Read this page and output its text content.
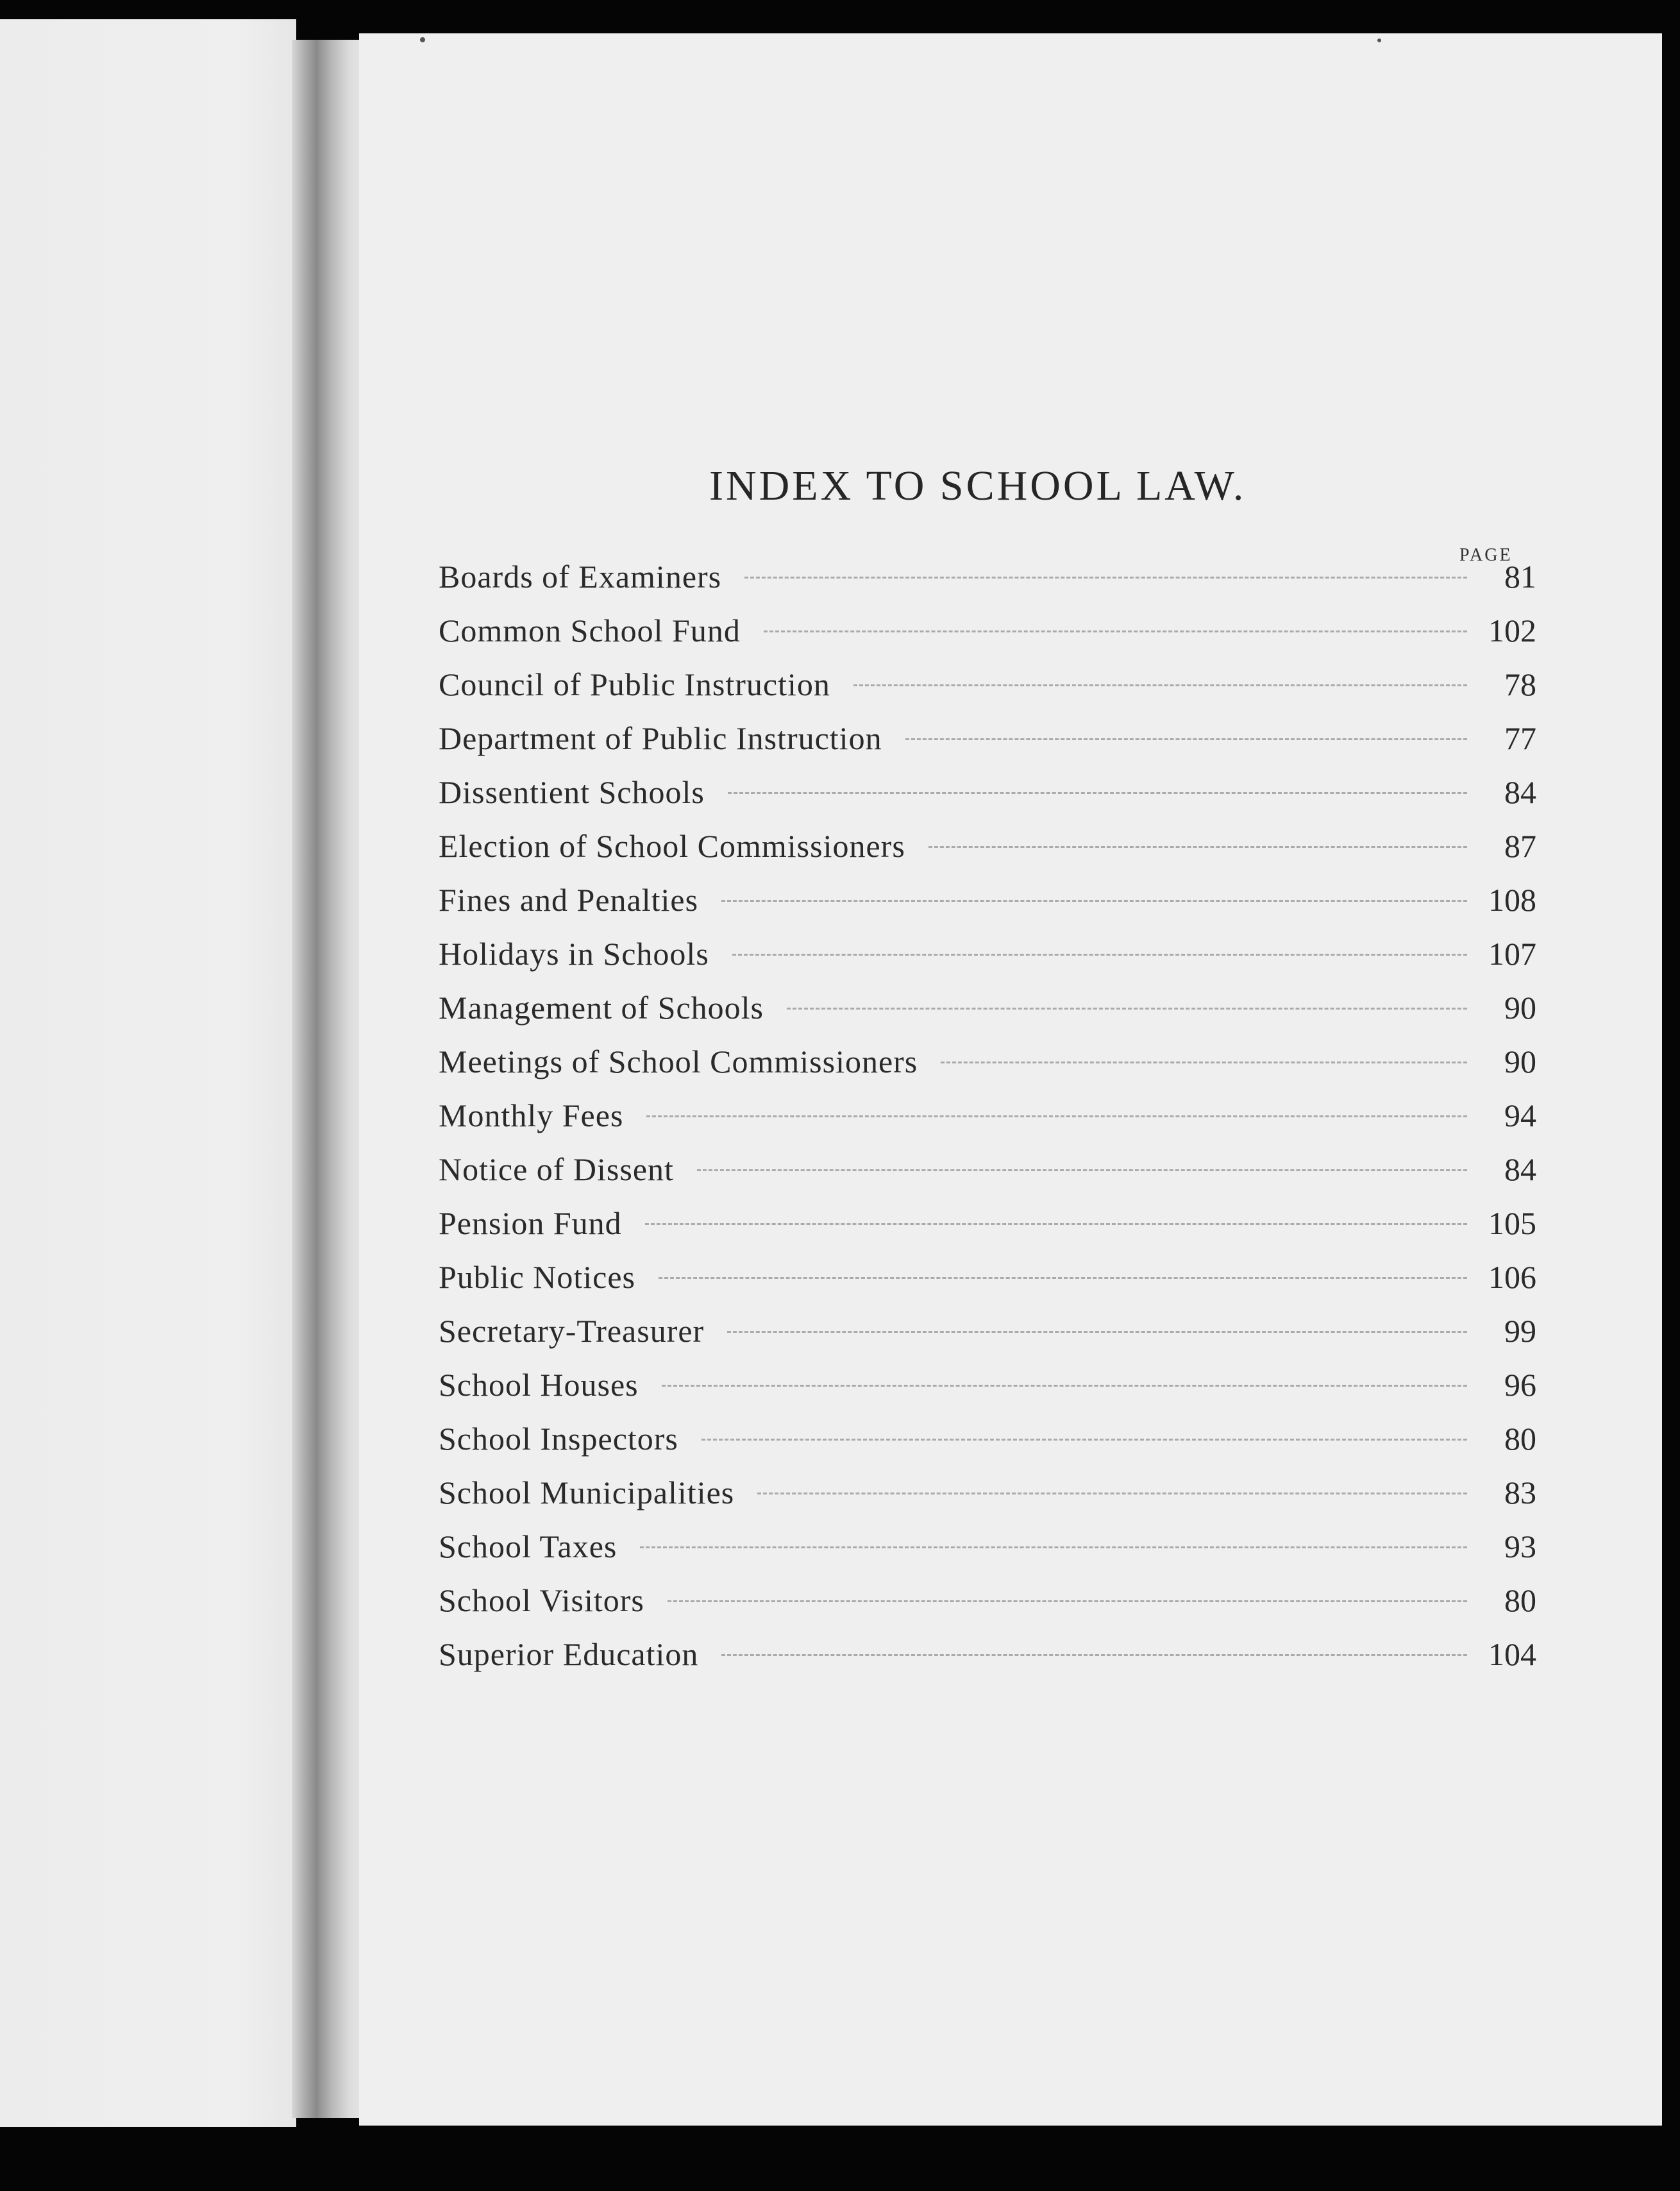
INDEX TO SCHOOL LAW.
PAGE
Boards of Examiners	81
Common School Fund	102
Council of Public Instruction	78
Department of Public Instruction	77
Dissentient Schools	84
Election of School Commissioners	87
Fines and Penalties	108
Holidays in Schools	107
Management of Schools	90
Meetings of School Commissioners	90
Monthly Fees	94
Notice of Dissent	84
Pension Fund	105
Public Notices	106
Secretary-Treasurer	99
School Houses	96
School Inspectors	80
School Municipalities	83
School Taxes	93
School Visitors	80
Superior Education	104
